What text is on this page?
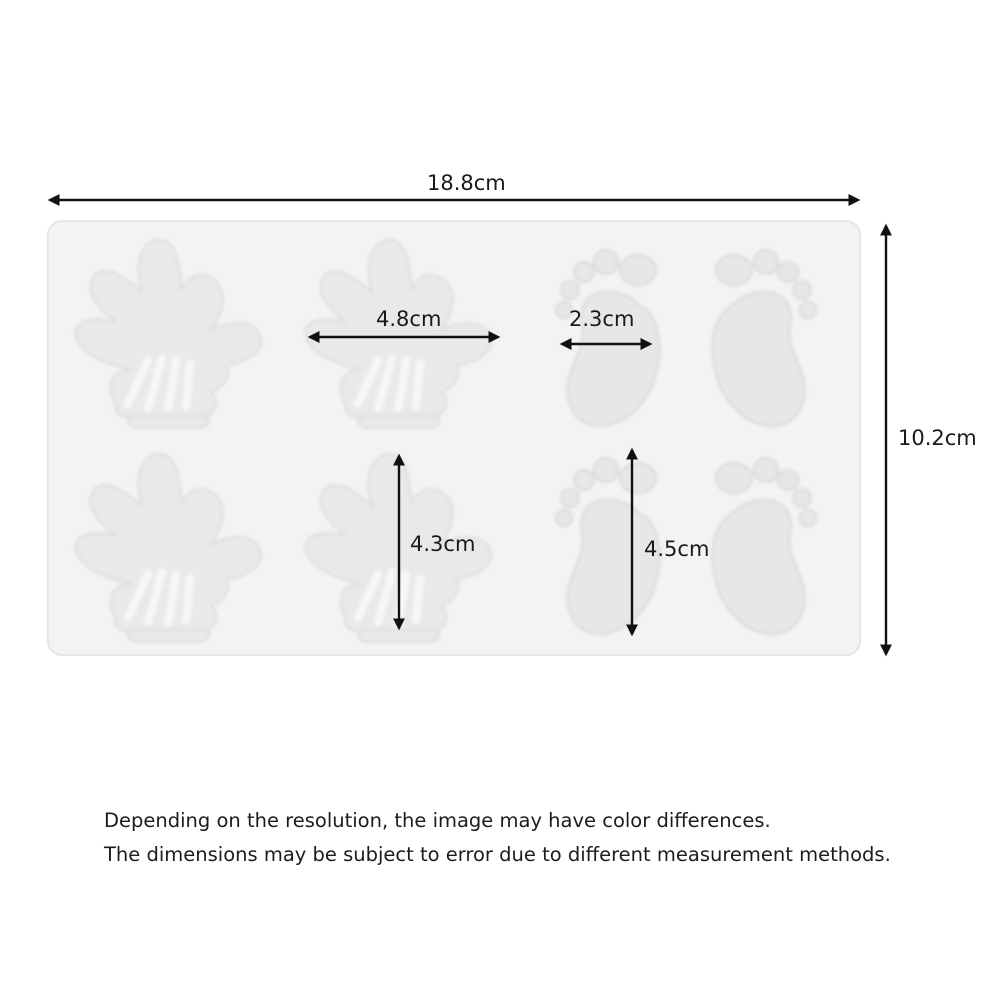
18.8cm
10.2cm
4.8cm	2.3cm
4.3cm	4.5cm
Depending on the resolution, the image may have color differences.
The dimensions may be subject to error due to different measurement methods.
